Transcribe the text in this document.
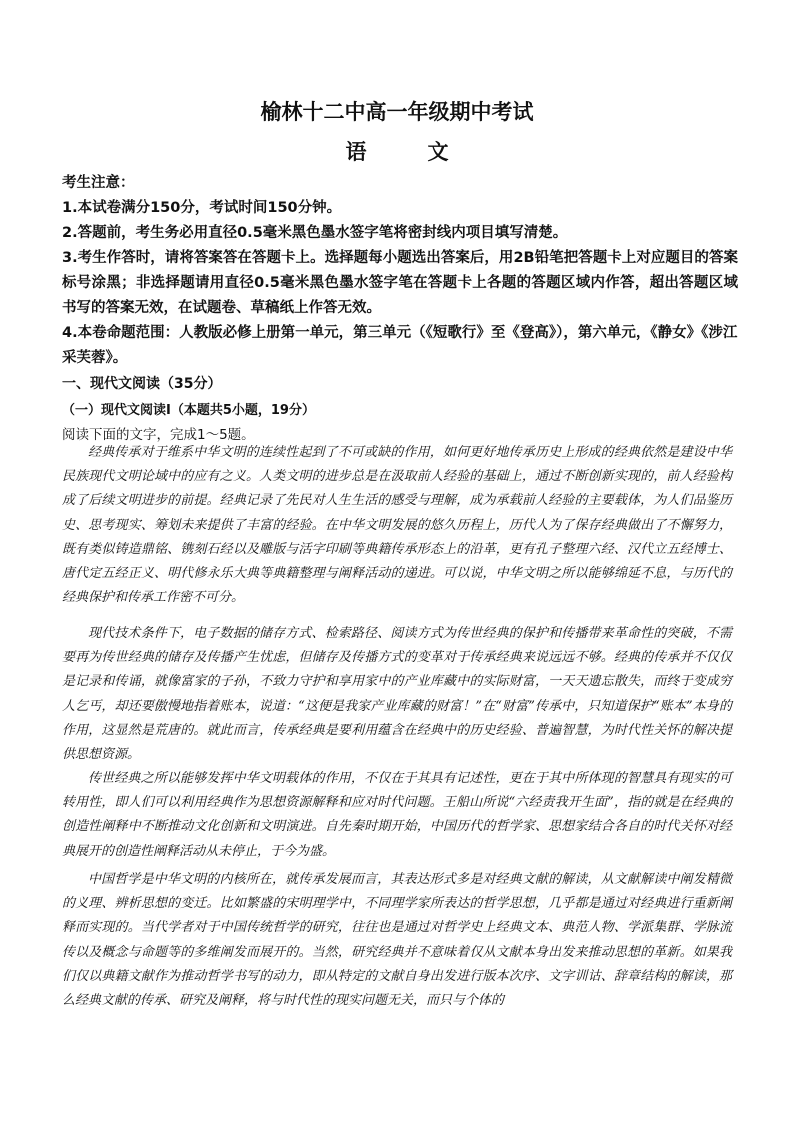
榆林十二中高一年级期中考试
语　文
考生注意：
1.本试卷满分150分，考试时间150分钟。
2.答题前，考生务必用直径0.5毫米黑色墨水签字笔将密封线内项目填写清楚。
3.考生作答时，请将答案答在答题卡上。选择题每小题选出答案后，用2B铅笔把答题卡上对应题目的答案标号涂黑；非选择题请用直径0.5毫米黑色墨水签字笔在答题卡上各题的答题区域内作答，超出答题区域书写的答案无效，在试题卷、草稿纸上作答无效。
4.本卷命题范围：人教版必修上册第一单元，第三单元（《短歌行》至《登高》），第六单元，《静女》《涉江采芙蓉》。
一、现代文阅读（35分）
（一）现代文阅读Ⅰ（本题共5小题，19分）
阅读下面的文字，完成1～5题。

经典传承对于维系中华文明的连续性起到了不可或缺的作用，如何更好地传承历史上形成的经典依然是建设中华民族现代文明论域中的应有之义。人类文明的进步总是在汲取前人经验的基础上，通过不断创新实现的，前人经验构成了后续文明进步的前提。经典记录了先民对人生生活的感受与理解，成为承载前人经验的主要载体，为人们品鉴历史、思考现实、筹划未来提供了丰富的经验。在中华文明发展的悠久历程上，历代人为了保存经典做出了不懈努力，既有类似铸造鼎铭、镌刻石经以及雕版与活字印刷等典籍传承形态上的沿革，更有孔子整理六经、汉代立五经博士、唐代定五经正义、明代修永乐大典等典籍整理与阐释活动的递进。可以说，中华文明之所以能够绵延不息，与历代的经典保护和传承工作密不可分。

现代技术条件下，电子数据的储存方式、检索路径、阅读方式为传世经典的保护和传播带来革命性的突破，不需要再为传世经典的储存及传播产生忧虑，但储存及传播方式的变革对于传承经典来说远远不够。经典的传承并不仅仅是记录和传诵，就像富家的子孙，不致力守护和享用家中的产业库藏中的实际财富，一天天遗忘散失，而终于变成穷人乞丐，却还要傲慢地指着账本，说道：“这便是我家产业库藏的财富！”在“财富”传承中，只知道保护“账本”本身的作用，这显然是荒唐的。就此而言，传承经典是要利用蕴含在经典中的历史经验、普遍智慧，为时代性关怀的解决提供思想资源。

传世经典之所以能够发挥中华文明载体的作用，不仅在于其具有记述性，更在于其中所体现的智慧具有现实的可转用性，即人们可以利用经典作为思想资源解释和应对时代问题。王船山所说“六经责我开生面”，指的就是在经典的创造性阐释中不断推动文化创新和文明演进。自先秦时期开始，中国历代的哲学家、思想家结合各自的时代关怀对经典展开的创造性阐释活动从未停止，于今为盛。

中国哲学是中华文明的内核所在，就传承发展而言，其表达形式多是对经典文献的解读，从文献解读中阐发精微的义理、辨析思想的变迁。比如繁盛的宋明理学中，不同理学家所表达的哲学思想，几乎都是通过对经典进行重新阐释而实现的。当代学者对于中国传统哲学的研究，往往也是通过对哲学史上经典文本、典范人物、学派集群、学脉流传以及概念与命题等的多维阐发而展开的。当然，研究经典并不意味着仅从文献本身出发来推动思想的革新。如果我们仅以典籍文献作为推动哲学书写的动力，即从特定的文献自身出发进行版本次序、文字训诂、辞章结构的解读，那么经典文献的传承、研究及阐释，将与时代性的现实问题无关，而只与个体的
